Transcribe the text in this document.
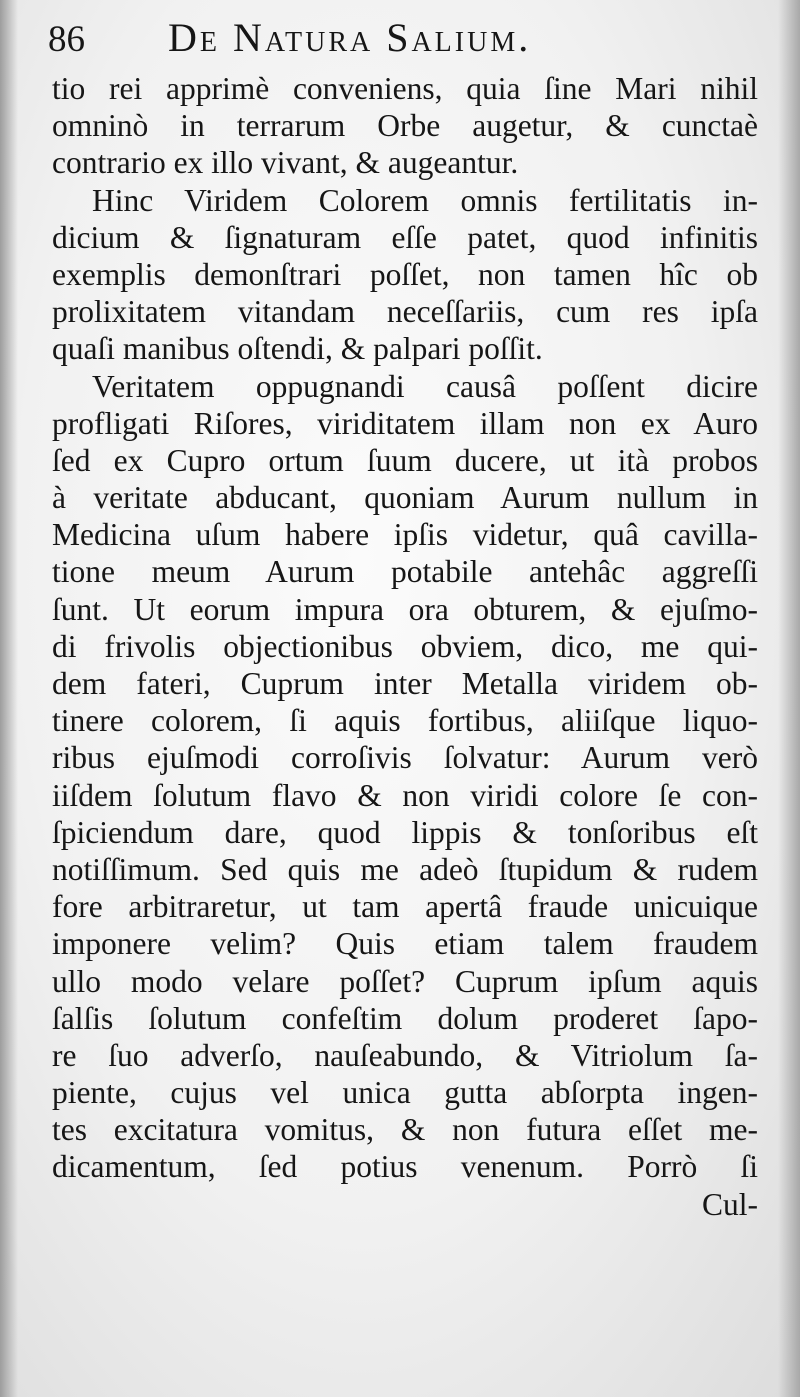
86	De Natura Salium.
tio rei apprimè conveniens, quia ſine Mari nihil
omninò in terrarum Orbe augetur, & cunctaè
contrario ex illo vivant, & augeantur.
Hinc Viridem Colorem omnis fertilitatis in-
dicium & ſignaturam eſſe patet, quod infinitis
exemplis demonſtrari poſſet, non tamen hîc ob
prolixitatem vitandam neceſſariis, cum res ipſa
quaſi manibus oſtendi, & palpari poſſit.
Veritatem oppugnandi causâ poſſent dicire
profligati Riſores, viriditatem illam non ex Auro
ſed ex Cupro ortum ſuum ducere, ut ità probos
à veritate abducant, quoniam Aurum nullum in
Medicina uſum habere ipſis videtur, quâ cavilla-
tione meum Aurum potabile antehâc aggreſſi
ſunt. Ut eorum impura ora obturem, & ejuſmo-
di frivolis objectionibus obviem, dico, me qui-
dem fateri, Cuprum inter Metalla viridem ob-
tinere colorem, ſi aquis fortibus, aliiſque liquo-
ribus ejuſmodi corroſivis ſolvatur: Aurum verò
iiſdem ſolutum flavo & non viridi colore ſe con-
ſpiciendum dare, quod lippis & tonſoribus eſt
notiſſimum. Sed quis me adeò ſtupidum & rudem
fore arbitraretur, ut tam apertâ fraude unicuique
imponere velim? Quis etiam talem fraudem
ullo modo velare poſſet? Cuprum ipſum aquis
ſalſis ſolutum confeſtim dolum proderet ſapo-
re ſuo adverſo, nauſeabundo, & Vitriolum ſa-
piente, cujus vel unica gutta abſorpta ingen-
tes excitatura vomitus, & non futura eſſet me-
dicamentum, ſed potius venenum. Porrò ſi
Cul-
